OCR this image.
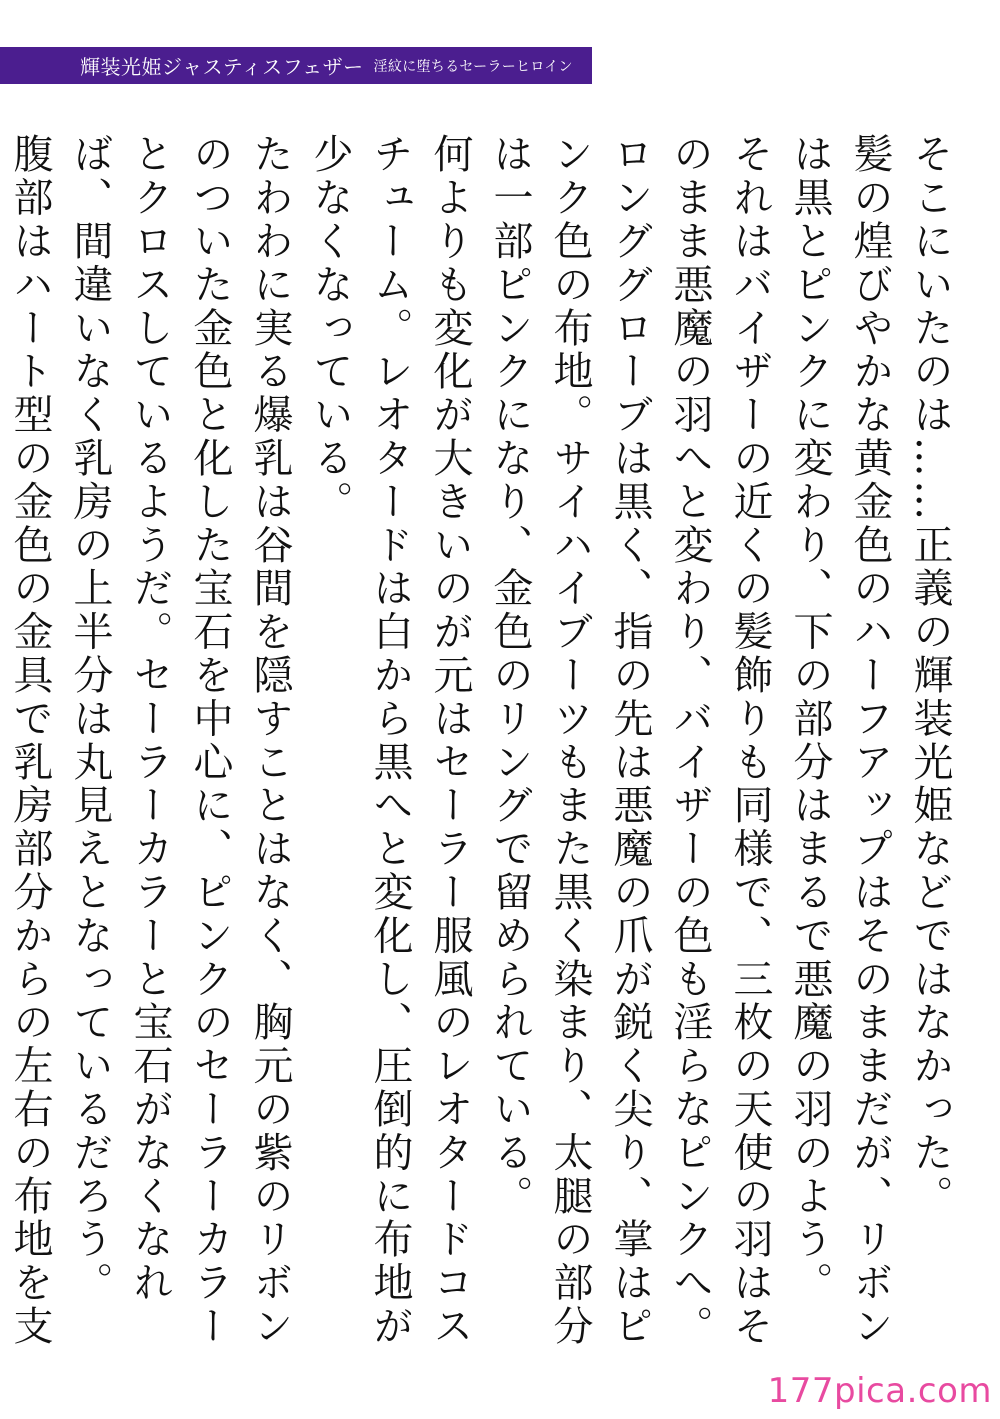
輝装光姫ジャスティスフェザー 淫紋に堕ちるセーラーヒロイン

そこにいたのは……正義の輝装光姫などではなかった。

髪の煌びやかな黄金色のハーフアップはそのままだが、リボンは黒とピンクに変わり、下の部分はまるで悪魔の羽のよう。

それはバイザーの近くの髪飾りも同様で、三枚の天使の羽はそのまま悪魔の羽へと変わり、バイザーの色も淫らなピンクへ。

ロンググローブは黒く、指の先は悪魔の爪が鋭く尖り、掌はピンク色の布地。サイハイブーツもまた黒く染まり、太腿の部分は一部ピンクになり、金色のリングで留められている。

何よりも変化が大きいのが元はセーラー服風のレオタードコスチューム。レオタードは白から黒へと変化し、圧倒的に布地が少なくなっている。

たわわに実る爆乳は谷間を隠すことはなく、胸元の紫のリボンのついた金色と化した宝石を中心に、ピンクのセーラーカラーとクロスしているようだ。セーラーカラーと宝石がなくなれば、間違いなく乳房の上半分は丸見えとなっているだろう。

腹部はハート型の金色の金具で乳房部分からの左右の布地を支

177pica.com
